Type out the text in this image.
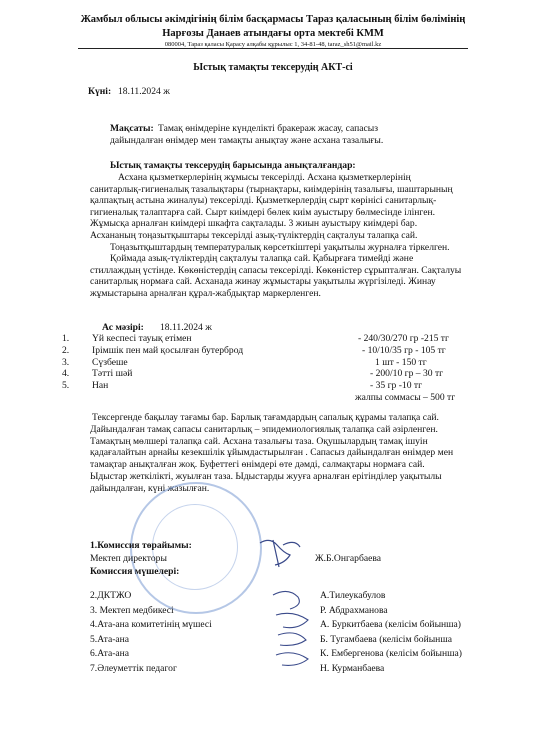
Жамбыл облысы әкімдігінің білім басқармасы Тараз қаласының білім бөлімінің
Нарғозы Данаев атындағы орта мектебі КММ
080004, Тараз қаласы Қарасу алқабы құрылыс 1, 34-81-48, taraz_sh51@mail.kz
Ыстық тамақты тексерудің АКТ-сі
Күні: 18.11.2024 ж
Мақсаты: Тамақ өнімдеріне күнделікті бракераж жасау, сапасыз
дайындалған өнімдер мен тамақты анықтау және асхана тазалығы.
Ыстық тамақты тексерудің барысында анықталғандар:
Асхана қызметкерлерінің жұмысы тексерілді. Асхана қызметкерлерінің
санитарлық-гигиеналық тазалықтары (тырнақтары, киімдерінің тазалығы, шаштарының
қалпақтың астына жиналуы) тексерілді. Қызметкерлердің сырт көрінісі санитарлық-
гигиеналық талаптарға сай. Сырт киімдері бөлек киім ауыстыру бөлмесінде ілінген.
Жұмысқа арналған киімдері шкафта сақталады. 3 жиын ауыстыру киімдері бар.
Асхананың тоңазытқыштары тексерілді азық-түліктердің сақталуы талапқа сай.
Тоңазытқыштардың температуралық көрсеткіштері уақытылы журналға тіркелген.
Қоймада азық-түліктердің сақталуы талапқа сай. Қабырғаға тимейді және
стиллаждың үстінде. Көкөністердің сапасы тексерілді. Көкөністер сұрыпталған. Сақталуы
санитарлық нормаға сай. Асханада жинау жұмыстары уақытылы жүргізіледі. Жинау
жұмыстарына арналған құрал-жабдықтар маркерленген.
Ас мәзірі: 18.11.2024 ж
1. Үй кеспесі тауық етімен	- 240/30/270 гр -215 тг
2. Ірімшік пен май қосылған бутерброд	- 10/10/35 гр - 105 тг
3. Сүзбеше	1 шт - 150 тг
4. Тәтті шәй	- 200/10 гр – 30 тг
5. Нан	- 35 гр -10 тг
жалпы соммасы – 500 тг
Тексергенде бақылау тағамы бар. Барлық тағамдардың сапалық құрамы талапқа сай.
Дайындалған тамақ сапасы санитарлық – эпидемиологиялық талапқа сай әзірленген.
Тамақтың мөлшері талапқа сай. Асхана тазалығы таза. Оқушылардың тамақ ішуін
қадағалайтын арнайы кезекшілік ұйымдастырылған . Сапасыз дайындалған өнімдер мен
тамақтар анықталған жоқ. Буфеттегі өнімдері өте дәмді, салмақтары нормаға сай.
Ыдыстар жеткілікті, жуылған таза. Ыдыстарды жууға арналған ерітінділер уақытылы
дайындалған, күні жазылған.
1.Комиссия төрайымы:
Мектеп директоры	Ж.Б.Онгарбаева
Комиссия мүшелері:
2.ДКТЖО	А.Тилеукабулов
3. Мектеп медбикесі	Р. Абдрахманова
4.Ата-ана комитетінің мүшесі	А. Буркитбаева (келісім бойынша)
5.Ата-ана	Б. Тугамбаева (келісім бойынша
6.Ата-ана	К. Ембергенова (келісім бойынша)
7.Әлеуметтік педагог	Н. Курманбаева
